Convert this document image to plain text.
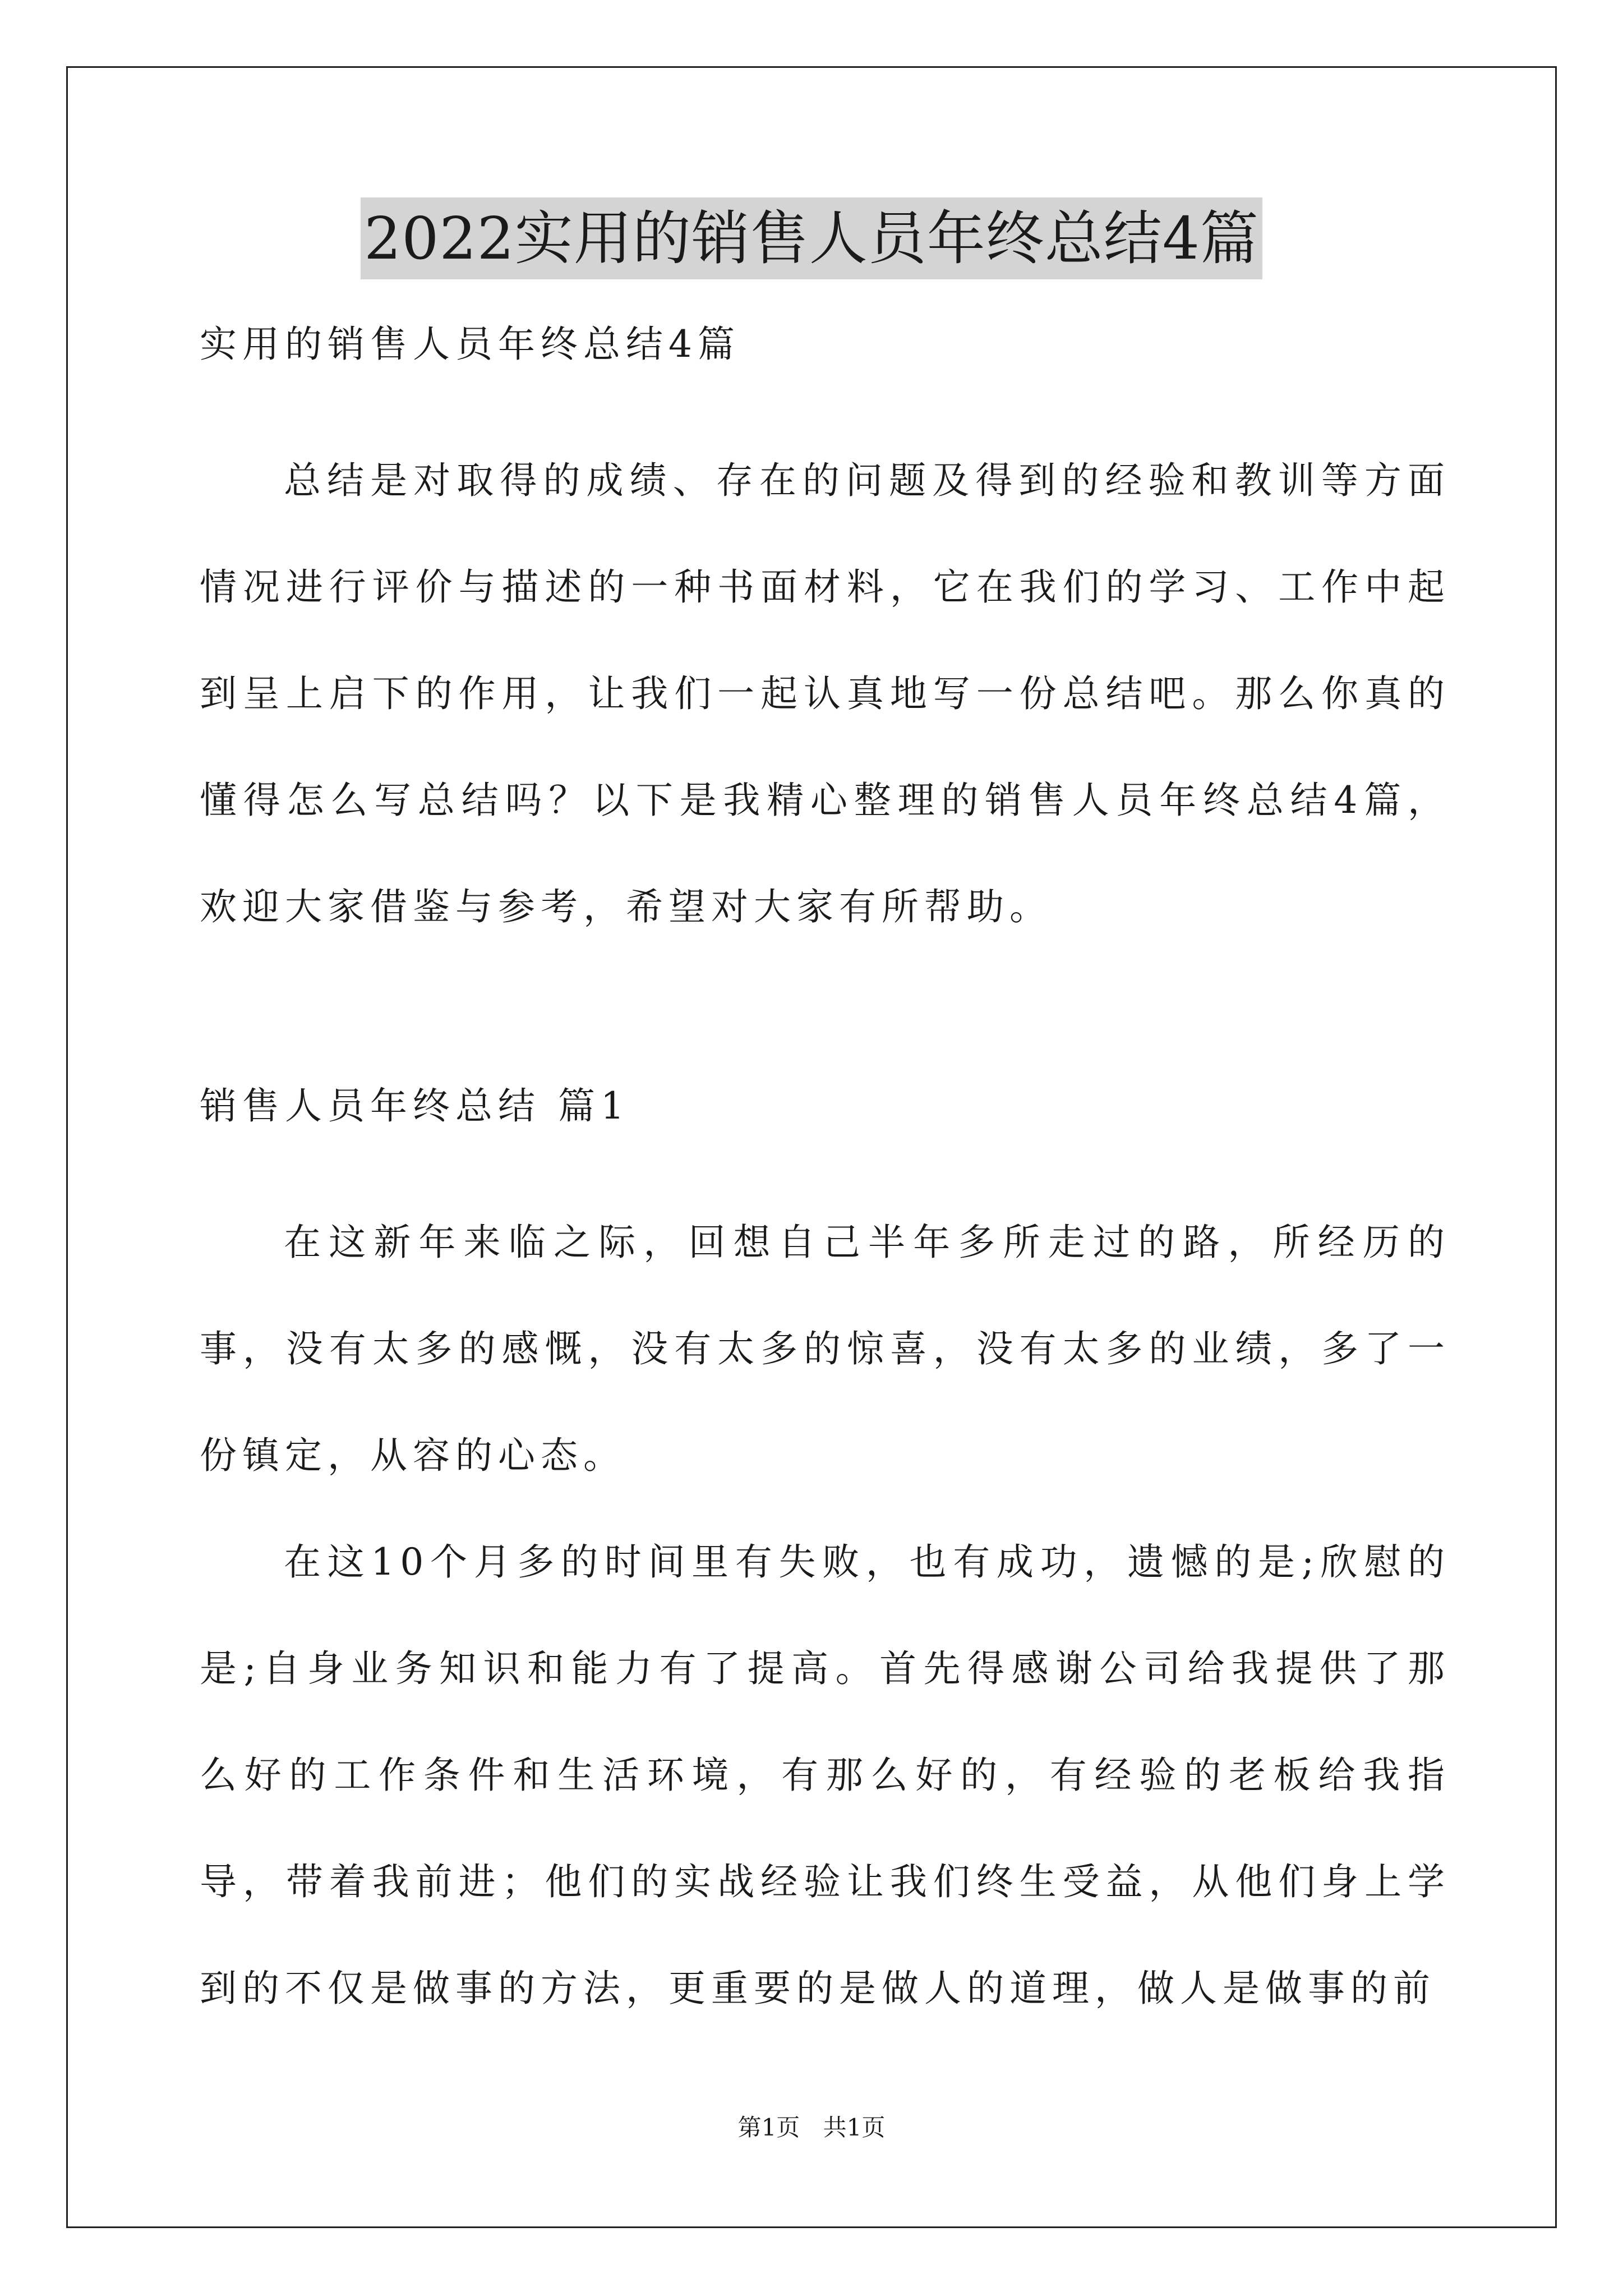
2022实用的销售人员年终总结4篇

实用的销售人员年终总结4篇

总结是对取得的成绩、存在的问题及得到的经验和教训等方面情况进行评价与描述的一种书面材料，它在我们的学习、工作中起到呈上启下的作用，让我们一起认真地写一份总结吧。那么你真的懂得怎么写总结吗？以下是我精心整理的销售人员年终总结4篇，欢迎大家借鉴与参考，希望对大家有所帮助。

销售人员年终总结 篇1

在这新年来临之际，回想自己半年多所走过的路，所经历的事，没有太多的感慨，没有太多的惊喜，没有太多的业绩，多了一份镇定，从容的心态。

在这10个月多的时间里有失败，也有成功，遗憾的是;欣慰的是;自身业务知识和能力有了提高。首先得感谢公司给我提供了那么好的工作条件和生活环境，有那么好的，有经验的老板给我指导，带着我前进；他们的实战经验让我们终生受益，从他们身上学到的不仅是做事的方法，更重要的是做人的道理，做人是做事的前

第1页 共1页
